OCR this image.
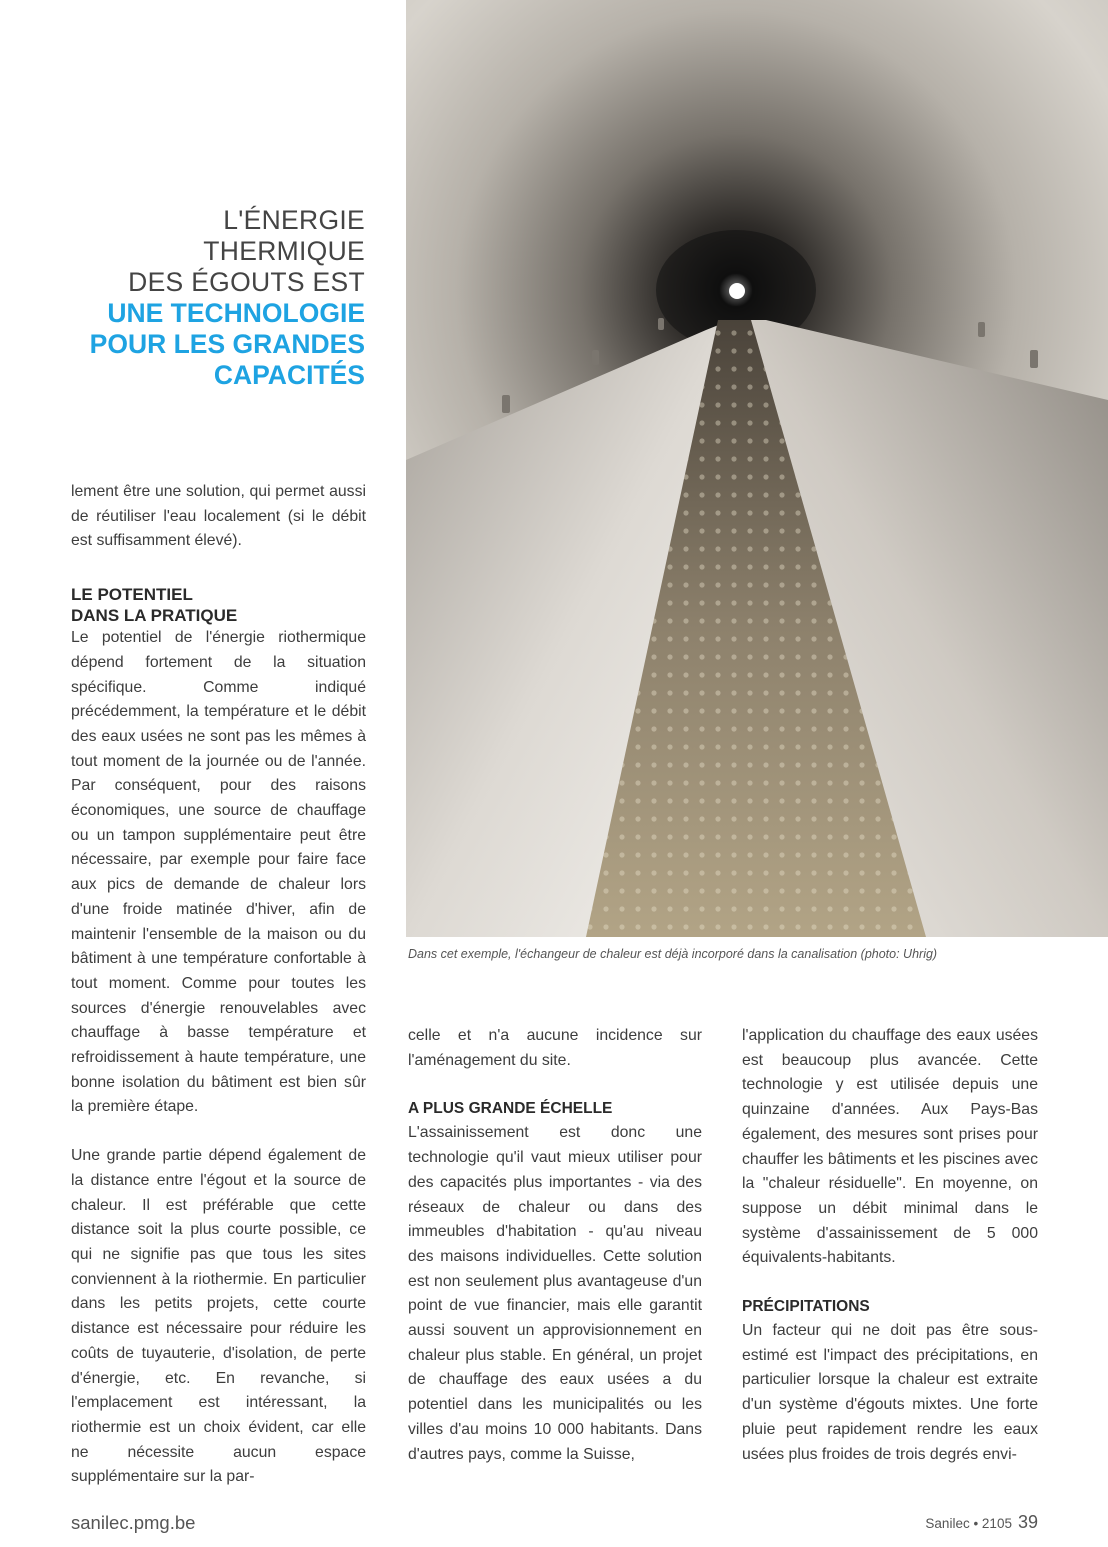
L'ÉNERGIE THERMIQUE
DES ÉGOUTS EST
UNE TECHNOLOGIE
POUR LES GRANDES
CAPACITÉS
Dans cet exemple, l'échangeur de chaleur est déjà incorporé dans la canalisation (photo: Uhrig)

lement être une solution, qui permet aussi de réutiliser l'eau localement (si le débit est suffisamment élevé).

LE POTENTIEL
DANS LA PRATIQUE

Le potentiel de l'énergie riothermique dépend fortement de la situation spécifique. Comme indiqué précédemment, la température et le débit des eaux usées ne sont pas les mêmes à tout moment de la journée ou de l'année. Par conséquent, pour des raisons économiques, une source de chauffage ou un tampon supplémentaire peut être nécessaire, par exemple pour faire face aux pics de demande de chaleur lors d'une froide matinée d'hiver, afin de maintenir l'ensemble de la maison ou du bâtiment à une température confortable à tout moment. Comme pour toutes les sources d'énergie renouvelables avec chauffage à basse température et refroidissement à haute température, une bonne isolation du bâtiment est bien sûr la première étape.

Une grande partie dépend également de la distance entre l'égout et la source de chaleur. Il est préférable que cette distance soit la plus courte possible, ce qui ne signifie pas que tous les sites conviennent à la riothermie. En particulier dans les petits projets, cette courte distance est nécessaire pour réduire les coûts de tuyauterie, d'isolation, de perte d'énergie, etc. En revanche, si l'emplacement est intéressant, la riothermie est un choix évident, car elle ne nécessite aucun espace supplémentaire sur la par-

celle et n'a aucune incidence sur l'aménagement du site.

A PLUS GRANDE ÉCHELLE

L'assainissement est donc une technologie qu'il vaut mieux utiliser pour des capacités plus importantes - via des réseaux de chaleur ou dans des immeubles d'habitation - qu'au niveau des maisons individuelles. Cette solution est non seulement plus avantageuse d'un point de vue financier, mais elle garantit aussi souvent un approvisionnement en chaleur plus stable. En général, un projet de chauffage des eaux usées a du potentiel dans les municipalités ou les villes d'au moins 10 000 habitants. Dans d'autres pays, comme la Suisse,

l'application du chauffage des eaux usées est beaucoup plus avancée. Cette technologie y est utilisée depuis une quinzaine d'années. Aux Pays-Bas également, des mesures sont prises pour chauffer les bâtiments et les piscines avec la "chaleur résiduelle". En moyenne, on suppose un débit minimal dans le système d'assainissement de 5 000 équivalents-habitants.

PRÉCIPITATIONS

Un facteur qui ne doit pas être sous-estimé est l'impact des précipitations, en particulier lorsque la chaleur est extraite d'un système d'égouts mixtes. Une forte pluie peut rapidement rendre les eaux usées plus froides de trois degrés envi-

sanilec.pmg.be	Sanilec • 2105 39
